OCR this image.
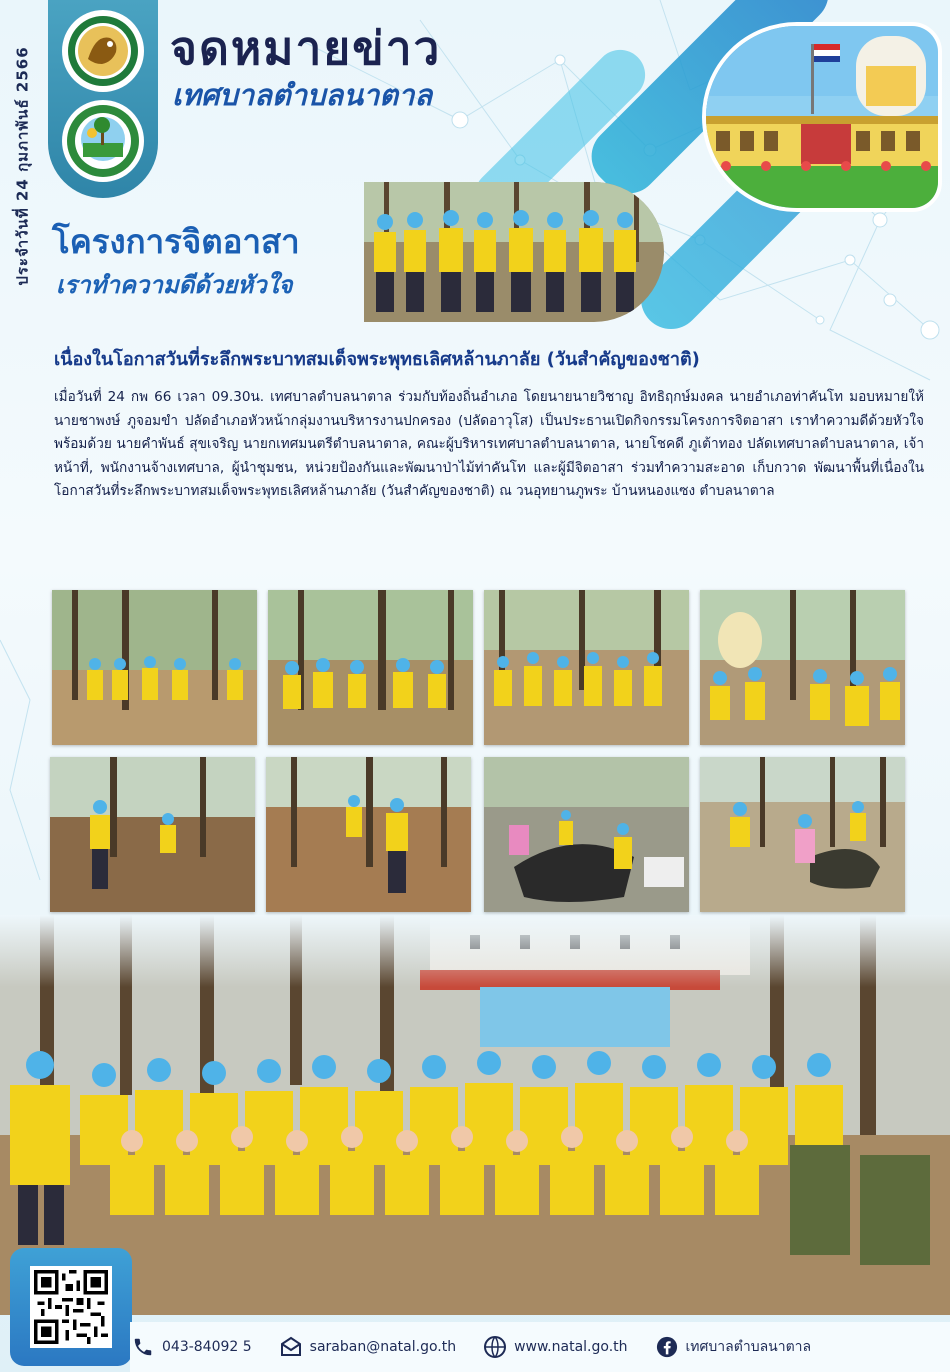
ประจำวันที่ 24 กุมภาพันธ์ 2566	จดหมายข่าว
เทศบาลตำบลนาตาล
โครงการจิตอาสา
เราทำความดีด้วยหัวใจ
เนื่องในโอกาสวันที่ระลึกพระบาทสมเด็จพระพุทธเลิศหล้านภาลัย (วันสำคัญของชาติ)
เมื่อวันที่ 24 กพ 66 เวลา 09.30น. เทศบาลตำบลนาตาล ร่วมกับท้องถิ่นอำเภอ โดยนายนายวิชาญ อิทธิฤกษ์มงคล นายอำเภอท่าคันโท มอบหมายให้ นายชาพงษ์ ภูจอมขำ ปลัดอำเภอหัวหน้ากลุ่มงานบริหารงานปกครอง (ปลัดอาวุโส) เป็นประธานเปิดกิจกรรมโครงการจิตอาสา เราทำความดีด้วยหัวใจ พร้อมด้วย นายคำพันธ์ สุขเจริญ นายกเทศมนตรีตำบลนาตาล, คณะผู้บริหารเทศบาลตำบลนาตาล, นายโชคดี ภูเต้าทอง ปลัดเทศบาลตำบลนาตาล, เจ้าหน้าที่, พนักงานจ้างเทศบาล, ผู้นำชุมชน, หน่วยป้องกันและพัฒนาป่าไม้ท่าคันโท และผู้มีจิตอาสา ร่วมทำความสะอาด เก็บกวาด พัฒนาพื้นที่เนื่องในโอกาสวันที่ระลึกพระบาทสมเด็จพระพุทธเลิศหล้านภาลัย (วันสำคัญของชาติ) ณ วนอุทยานภูพระ บ้านหนองแซง ตำบลนาตาล
043-84092 5	saraban@natal.go.th	www.natal.go.th	เทศบาลตำบลนาตาล
